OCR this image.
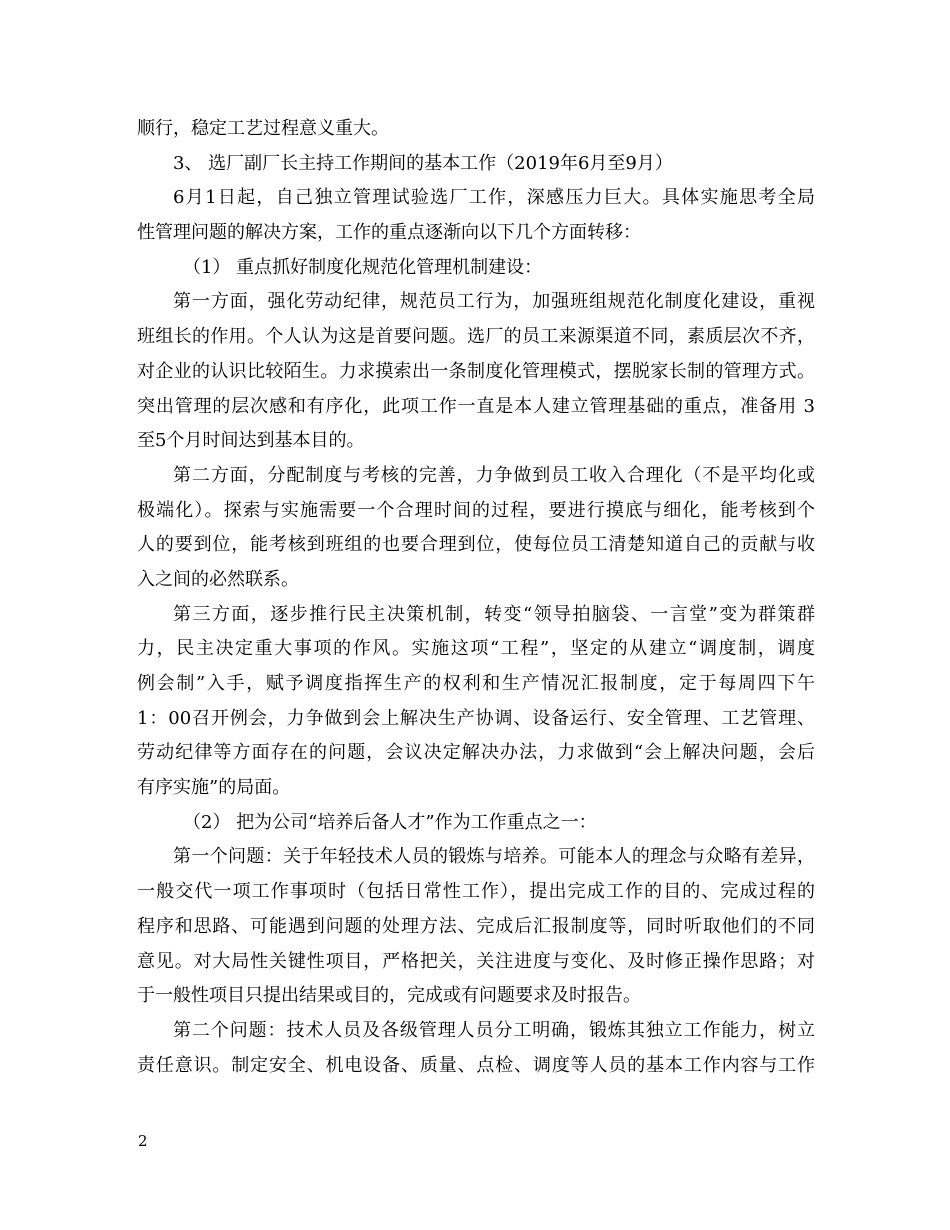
顺行，稳定工艺过程意义重大。
3、 选厂副厂长主持工作期间的基本工作（2019年6月至9月）
6月1日起，自己独立管理试验选厂工作，深感压力巨大。具体实施思考全局
性管理问题的解决方案，工作的重点逐渐向以下几个方面转移：
（1） 重点抓好制度化规范化管理机制建设：
第一方面，强化劳动纪律，规范员工行为，加强班组规范化制度化建设，重视
班组长的作用。个人认为这是首要问题。选厂的员工来源渠道不同，素质层次不齐，
对企业的认识比较陌生。力求摸索出一条制度化管理模式，摆脱家长制的管理方式。
突出管理的层次感和有序化，此项工作一直是本人建立管理基础的重点，准备用 3
至5个月时间达到基本目的。
第二方面，分配制度与考核的完善，力争做到员工收入合理化（不是平均化或
极端化）。探索与实施需要一个合理时间的过程，要进行摸底与细化，能考核到个
人的要到位，能考核到班组的也要合理到位，使每位员工清楚知道自己的贡献与收
入之间的必然联系。
第三方面，逐步推行民主决策机制，转变“领导拍脑袋、一言堂”变为群策群
力，民主决定重大事项的作风。实施这项“工程”，坚定的从建立“调度制，调度
例会制”入手，赋予调度指挥生产的权利和生产情况汇报制度，定于每周四下午
1：00召开例会，力争做到会上解决生产协调、设备运行、安全管理、工艺管理、
劳动纪律等方面存在的问题，会议决定解决办法，力求做到“会上解决问题，会后
有序实施”的局面。
（2） 把为公司“培养后备人才”作为工作重点之一：
第一个问题：关于年轻技术人员的锻炼与培养。可能本人的理念与众略有差异，
一般交代一项工作事项时（包括日常性工作），提出完成工作的目的、完成过程的
程序和思路、可能遇到问题的处理方法、完成后汇报制度等，同时听取他们的不同
意见。对大局性关键性项目，严格把关，关注进度与变化、及时修正操作思路；对
于一般性项目只提出结果或目的，完成或有问题要求及时报告。
第二个问题：技术人员及各级管理人员分工明确，锻炼其独立工作能力，树立
责任意识。制定安全、机电设备、质量、点检、调度等人员的基本工作内容与工作
2
